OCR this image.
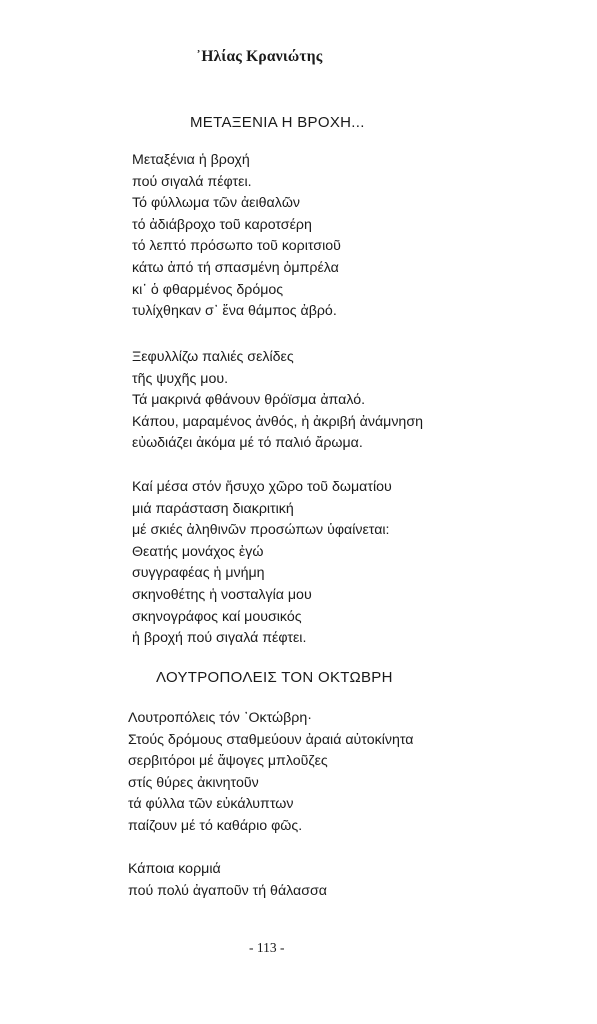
᾿Ηλίας Κρανιώτης
ΜΕΤΑΞΕΝΙΑ Η ΒΡΟΧΗ...
Μεταξένια ἡ βροχή
πού σιγαλά πέφτει.
Τό φύλλωμα τῶν ἀειθαλῶν
τό ἀδιάβροχο τοῦ καροτσέρη
τό λεπτό πρόσωπο τοῦ κοριτσιοῦ
κάτω ἀπό τή σπασμένη ὀμπρέλα
κι᾿ ὁ φθαρμένος δρόμος
τυλίχθηκαν σ᾿ ἕνα θάμπος ἀβρό.
Ξεφυλλίζω παλιές σελίδες
τῆς ψυχῆς μου.
Τά μακρινά φθάνουν θρόϊσμα ἀπαλό.
Κάπου, μαραμένος ἀνθός, ἡ ἀκριβή ἀνάμνηση
εὐωδιάζει ἀκόμα μέ τό παλιό ἄρωμα.
Καί μέσα στόν ἥσυχο χῶρο τοῦ δωματίου
μιά παράσταση διακριτική
μέ σκιές ἀληθινῶν προσώπων ὑφαίνεται:
Θεατής μονάχος ἐγώ
συγγραφέας ἡ μνήμη
σκηνοθέτης ἡ νοσταλγία μου
σκηνογράφος καί μουσικός
ἡ βροχή πού σιγαλά πέφτει.
ΛΟΥΤΡΟΠΟΛΕΙΣ ΤΟΝ ΟΚΤΩΒΡΗ
Λουτροπόλεις τόν ᾿Οκτώβρη·
Στούς δρόμους σταθμεύουν ἀραιά αὐτοκίνητα
σερβιτόροι μέ ἄψογες μπλοῦζες
στίς θύρες ἀκινητοῦν
τά φύλλα τῶν εὐκάλυπτων
παίζουν μέ τό καθάριο φῶς.
Κάποια κορμιά
πού πολύ ἀγαποῦν τή θάλασσα
- 113 -
